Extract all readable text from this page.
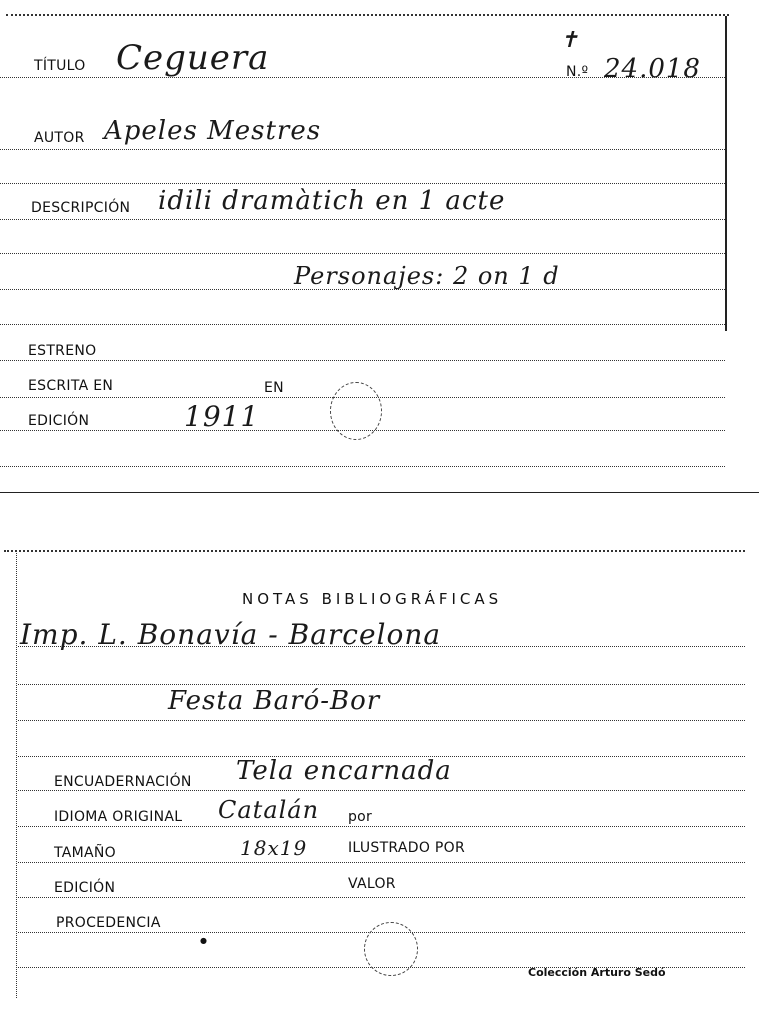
TÍTULO Ceguera	✝
N.º 24.018
AUTOR Apeles Mestres
DESCRIPCIÓN idili dramàtich en 1 acte
Personajes: 2 on 1 d
ESTRENO
ESCRITA EN	EN
EDICIÓN	1911
NOTAS BIBLIOGRÁFICAS
Imp. L. Bonavía - Barcelona
Festa Baró-Bor
ENCUADERNACIÓN Tela encarnada
IDIOMA ORIGINAL Catalán por
TAMAÑO	18x19	ILUSTRADO POR
EDICIÓN	VALOR
PROCEDENCIA
●
Colección Arturo Sedó
